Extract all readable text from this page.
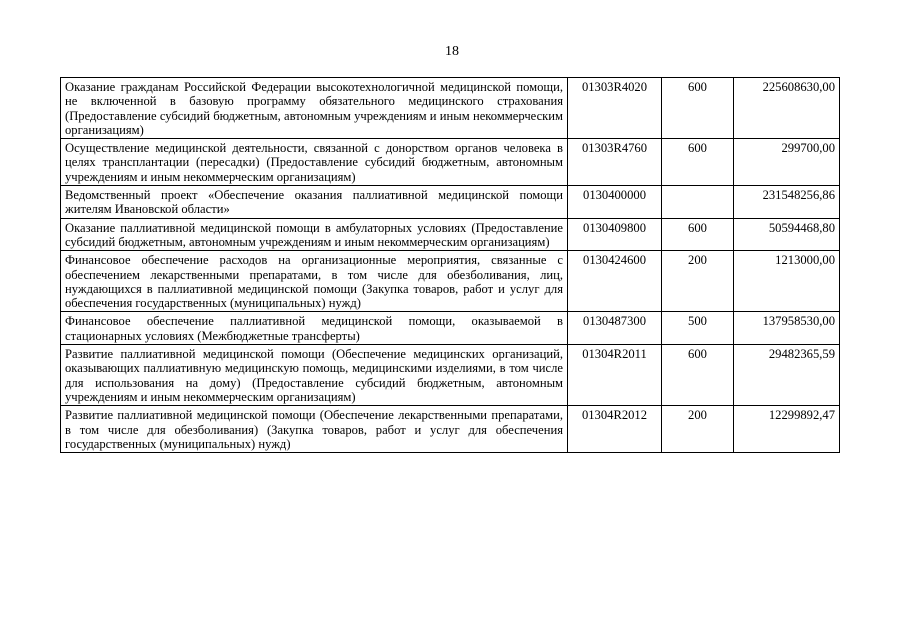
18
Оказание гражданам Российской Федерации высокотехнологичной медицинской помощи, не включенной в базовую программу обязательного медицинского страхования (Предоставление субсидий бюджетным, автономным учреждениям и иным некоммерческим организациям)	01303R4020	600	225608630,00
Осуществление медицинской деятельности, связанной с донорством органов человека в целях трансплантации (пересадки) (Предоставление субсидий бюджетным, автономным учреждениям и иным некоммерческим организациям)	01303R4760	600	299700,00
Ведомственный проект «Обеспечение оказания паллиативной медицинской помощи жителям Ивановской области»	0130400000		231548256,86
Оказание паллиативной медицинской помощи в амбулаторных условиях (Предоставление субсидий бюджетным, автономным учреждениям и иным некоммерческим организациям)	0130409800	600	50594468,80
Финансовое обеспечение расходов на организационные мероприятия, связанные с обеспечением лекарственными препаратами, в том числе для обезболивания, лиц, нуждающихся в паллиативной медицинской помощи (Закупка товаров, работ и услуг для обеспечения государственных (муниципальных) нужд)	0130424600	200	1213000,00
Финансовое обеспечение паллиативной медицинской помощи, оказываемой в стационарных условиях (Межбюджетные трансферты)	0130487300	500	137958530,00
Развитие паллиативной медицинской помощи (Обеспечение медицинских организаций, оказывающих паллиативную медицинскую помощь, медицинскими изделиями, в том числе для использования на дому) (Предоставление субсидий бюджетным, автономным учреждениям и иным некоммерческим организациям)	01304R2011	600	29482365,59
Развитие паллиативной медицинской помощи (Обеспечение лекарственными препаратами, в том числе для обезболивания) (Закупка товаров, работ и услуг для обеспечения государственных (муниципальных) нужд)	01304R2012	200	12299892,47
